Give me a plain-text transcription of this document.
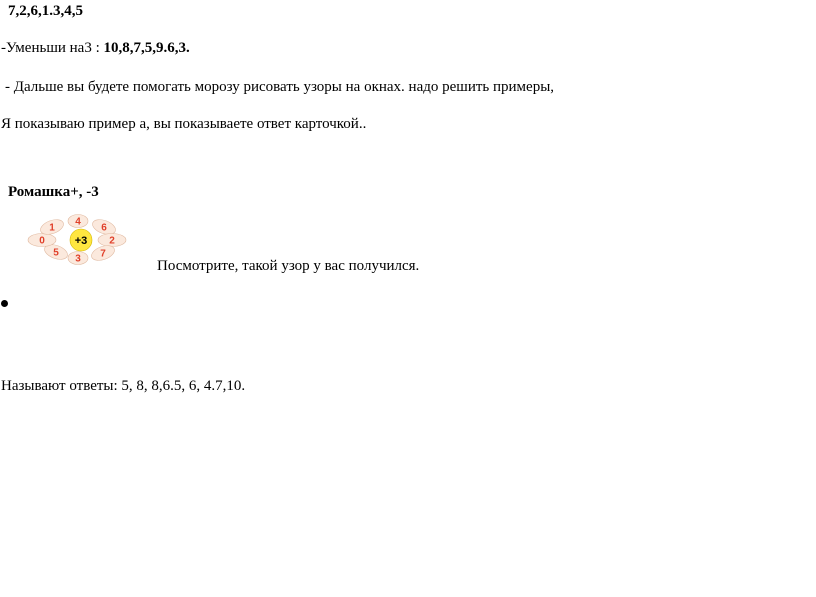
7,2,6,1.3,4,5
-Уменьши на3 : 10,8,7,5,9.6,3.
- Дальше вы будете помогать морозу рисовать узоры на окнах. надо решить примеры,
Я показываю пример а, вы показываете ответ карточкой..
Ромашка+, -3
4
6
2
7
3
5
0
1
+3
Посмотрите, такой узор у вас получился.
Называют ответы: 5, 8, 8,6.5, 6, 4.7,10.
